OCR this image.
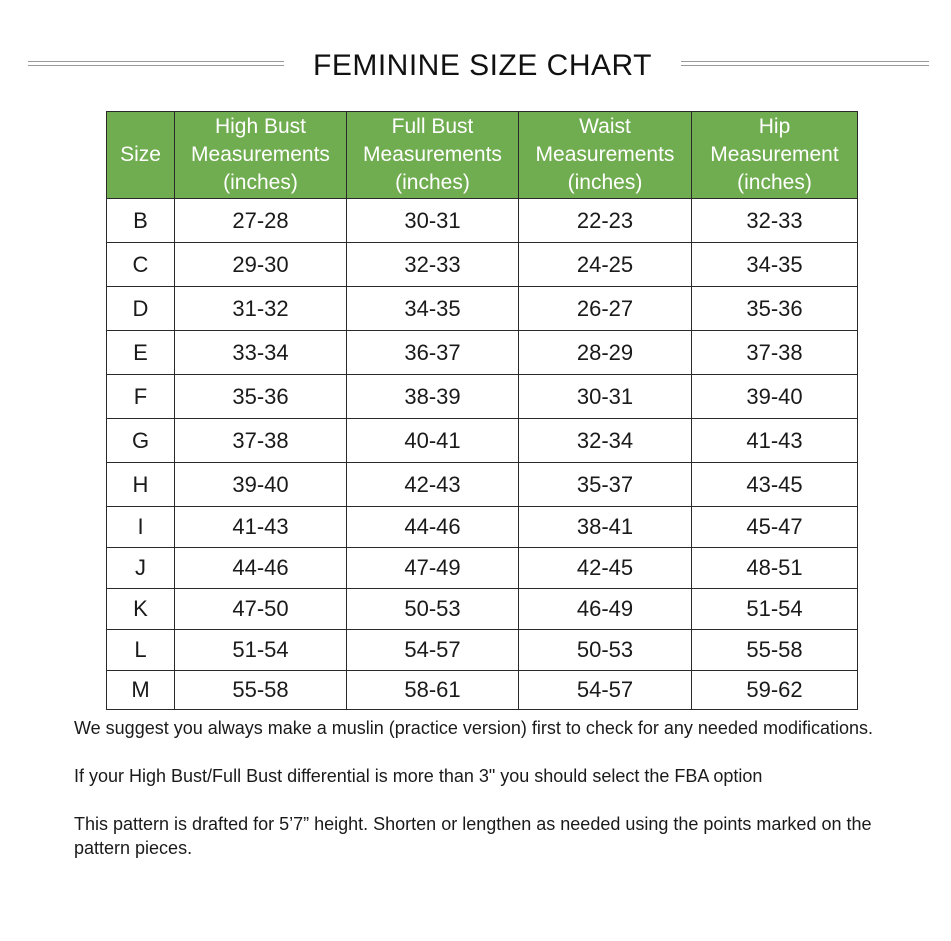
FEMININE SIZE CHART
Size	High Bust
Measurements
(inches)	Full Bust
Measurements
(inches)	Waist
Measurements
(inches)	Hip
Measurement
(inches)

B	27-28	30-31	22-23	32-33
C	29-30	32-33	24-25	34-35
D	31-32	34-35	26-27	35-36
E	33-34	36-37	28-29	37-38
F	35-36	38-39	30-31	39-40
G	37-38	40-41	32-34	41-43
H	39-40	42-43	35-37	43-45
I	41-43	44-46	38-41	45-47
J	44-46	47-49	42-45	48-51
K	47-50	50-53	46-49	51-54
L	51-54	54-57	50-53	55-58
M	55-58	58-61	54-57	59-62

We suggest you always make a muslin (practice version) first to check for any needed modifications.

If your High Bust/Full Bust differential is more than 3" you should select the FBA option

This pattern is drafted for 5’7” height. Shorten or lengthen as needed using the points marked on the pattern pieces.
